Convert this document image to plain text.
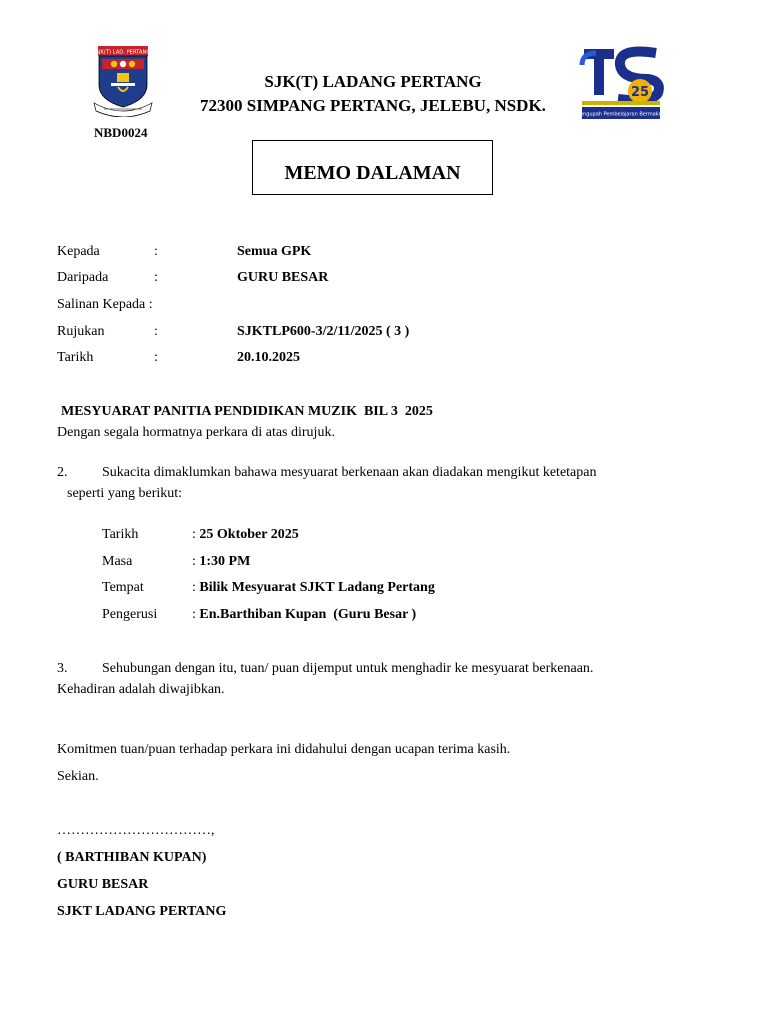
SJK(T) LAD. PERTANG
NBD0024
SJK(T) LADANG PERTANG
72300 SIMPANG PERTANG, JELEBU, NSDK.
25
Pengupah Pembelajaran Bermakna
MEMO DALAMAN
Kepada	:	Semua GPK
Daripada	:	GURU BESAR
Salinan Kepada :
Rujukan	:	SJKTLP600-3/2/11/2025 ( 3 )
Tarikh	:	20.10.2025
MESYUARAT PANITIA PENDIDIKAN MUZIK  BIL 3  2025
Dengan segala hormatnya perkara di atas dirujuk.
2. Sukacita dimaklumkan bahawa mesyuarat berkenaan akan diadakan mengikut ketetapan
seperti yang berikut:
Tarikh	: 25 Oktober 2025
Masa	: 1:30 PM
Tempat	: Bilik Mesyuarat SJKT Ladang Pertang
Pengerusi : En.Barthiban Kupan  (Guru Besar )
3. Sehubungan dengan itu, tuan/ puan dijemput untuk menghadir ke mesyuarat berkenaan.
Kehadiran adalah diwajibkan.
Komitmen tuan/puan terhadap perkara ini didahului dengan ucapan terima kasih.
Sekian.
……………………………,
( BARTHIBAN KUPAN)
GURU BESAR
SJKT LADANG PERTANG
